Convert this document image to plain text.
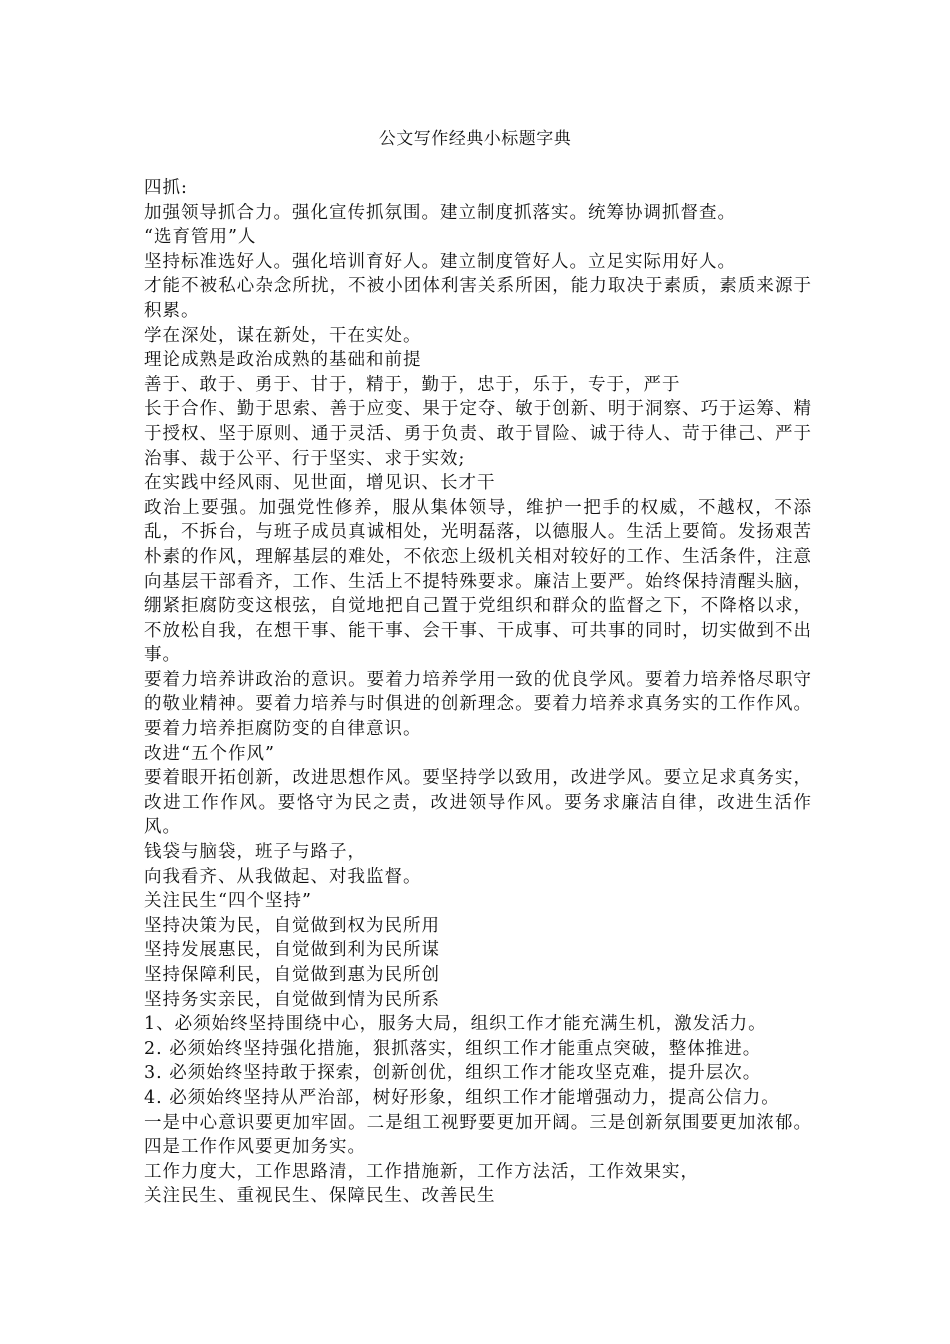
公文写作经典小标题字典

四抓:

加强领导抓合力。强化宣传抓氛围。建立制度抓落实。统筹协调抓督查。

“选育管用”人

坚持标准选好人。强化培训育好人。建立制度管好人。立足实际用好人。

才能不被私心杂念所扰，不被小团体利害关系所困，能力取决于素质，素质来源于积累。

学在深处，谋在新处，干在实处。

理论成熟是政治成熟的基础和前提

善于、敢于、勇于、甘于，精于，勤于，忠于，乐于，专于，严于

长于合作、勤于思索、善于应变、果于定夺、敏于创新、明于洞察、巧于运筹、精于授权、坚于原则、通于灵活、勇于负责、敢于冒险、诚于待人、苛于律己、严于治事、裁于公平、行于坚实、求于实效;

在实践中经风雨、见世面，增见识、长才干

政治上要强。加强党性修养，服从集体领导，维护一把手的权威，不越权，不添乱，不拆台，与班子成员真诚相处，光明磊落，以德服人。生活上要简。发扬艰苦朴素的作风，理解基层的难处，不依恋上级机关相对较好的工作、生活条件，注意向基层干部看齐，工作、生活上不提特殊要求。廉洁上要严。始终保持清醒头脑，绷紧拒腐防变这根弦，自觉地把自己置于党组织和群众的监督之下，不降格以求，不放松自我，在想干事、能干事、会干事、干成事、可共事的同时，切实做到不出事。

要着力培养讲政治的意识。要着力培养学用一致的优良学风。要着力培养恪尽职守的敬业精神。要着力培养与时俱进的创新理念。要着力培养求真务实的工作作风。要着力培养拒腐防变的自律意识。

改进“五个作风”

要着眼开拓创新，改进思想作风。要坚持学以致用，改进学风。要立足求真务实，改进工作作风。要恪守为民之责，改进领导作风。要务求廉洁自律，改进生活作风。

钱袋与脑袋，班子与路子，

向我看齐、从我做起、对我监督。

关注民生“四个坚持”

坚持决策为民，自觉做到权为民所用

坚持发展惠民，自觉做到利为民所谋

坚持保障利民，自觉做到惠为民所创

坚持务实亲民，自觉做到情为民所系

1、必须始终坚持围绕中心，服务大局，组织工作才能充满生机，激发活力。

2. 必须始终坚持强化措施，狠抓落实，组织工作才能重点突破，整体推进。

3. 必须始终坚持敢于探索，创新创优，组织工作才能攻坚克难，提升层次。

4. 必须始终坚持从严治部，树好形象，组织工作才能增强动力，提高公信力。

一是中心意识要更加牢固。二是组工视野要更加开阔。三是创新氛围要更加浓郁。四是工作作风要更加务实。

工作力度大，工作思路清，工作措施新，工作方法活，工作效果实，

关注民生、重视民生、保障民生、改善民生
